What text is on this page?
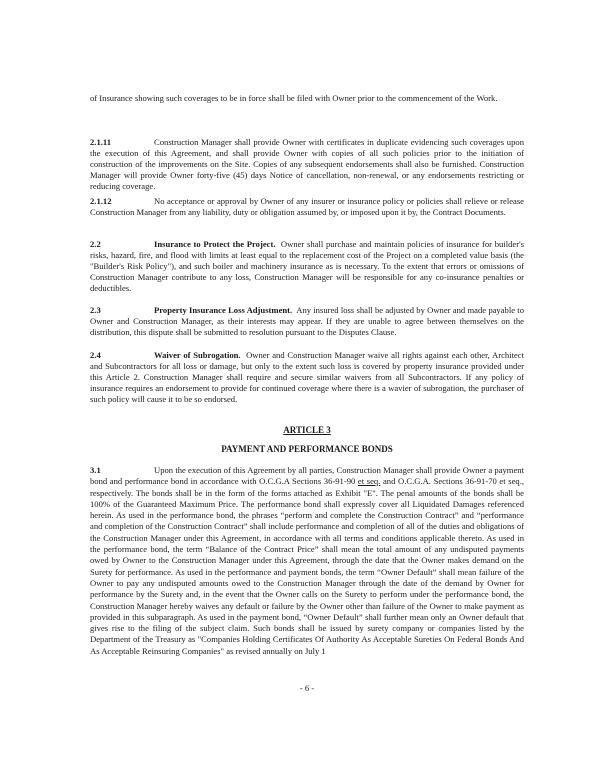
of Insurance showing such coverages to be in force shall be filed with Owner prior to the commencement of the Work.
2.1.11	Construction Manager shall provide Owner with certificates in duplicate evidencing such coverages upon the execution of this Agreement, and shall provide Owner with copies of all such policies prior to the initiation of construction of the improvements on the Site. Copies of any subsequent endorsements shall also be furnished. Construction Manager will provide Owner forty-five (45) days Notice of cancellation, non-renewal, or any endorsements restricting or reducing coverage.
2.1.12	No acceptance or approval by Owner of any insurer or insurance policy or policies shall relieve or release Construction Manager from any liability, duty or obligation assumed by, or imposed upon it by, the Contract Documents.
2.2	Insurance to Protect the Project. Owner shall purchase and maintain policies of insurance for builder's risks, hazard, fire, and flood with limits at least equal to the replacement cost of the Project on a completed value basis (the "Builder's Risk Policy"), and such boiler and machinery insurance as is necessary. To the extent that errors or omissions of Construction Manager contribute to any loss, Construction Manager will be responsible for any co-insurance penalties or deductibles.
2.3	Property Insurance Loss Adjustment. Any insured loss shall be adjusted by Owner and made payable to Owner and Construction Manager, as their interests may appear. If they are unable to agree between themselves on the distribution, this dispute shall be submitted to resolution pursuant to the Disputes Clause.
2.4	Waiver of Subrogation. Owner and Construction Manager waive all rights against each other, Architect and Subcontractors for all loss or damage, but only to the extent such loss is covered by property insurance provided under this Article 2. Construction Manager shall require and secure similar waivers from all Subcontractors. If any policy of insurance requires an endorsement to provide for continued coverage where there is a wavier of subrogation, the purchaser of such policy will cause it to be so endorsed.
ARTICLE 3
PAYMENT AND PERFORMANCE BONDS
3.1	Upon the execution of this Agreement by all parties, Construction Manager shall provide Owner a payment bond and performance bond in accordance with O.C.G.A Sections 36-91-90 et seq. and O.C.G.A. Sections 36-91-70 et seq., respectively. The bonds shall be in the form of the forms attached as Exhibit "E". The penal amounts of the bonds shall be 100% of the Guaranteed Maximum Price. The performance bond shall expressly cover all Liquidated Damages referenced herein. As used in the performance bond, the phrases “perform and complete the Construction Contract” and “performance and completion of the Construction Contract” shall include performance and completion of all of the duties and obligations of the Construction Manager under this Agreement, in accordance with all terms and conditions applicable thereto. As used in the performance bond, the term “Balance of the Contract Price” shall mean the total amount of any undisputed payments owed by Owner to the Construction Manager under this Agreement, through the date that the Owner makes demand on the Surety for performance. As used in the performance and payment bonds, the term “Owner Default” shall mean failure of the Owner to pay any undisputed amounts owed to the Construction Manager through the date of the demand by Owner for performance by the Surety and, in the event that the Owner calls on the Surety to perform under the performance bond, the Construction Manager hereby waives any default or failure by the Owner other than failure of the Owner to make payment as provided in this subparagraph. As used in the payment bond, “Owner Default” shall further mean only an Owner default that gives rise to the filing of the subject claim. Such bonds shall be issued by surety company or companies listed by the Department of the Treasury as "Companies Holding Certificates Of Authority As Acceptable Sureties On Federal Bonds And As Acceptable Reinsuring Companies" as revised annually on July 1
- 6 -
